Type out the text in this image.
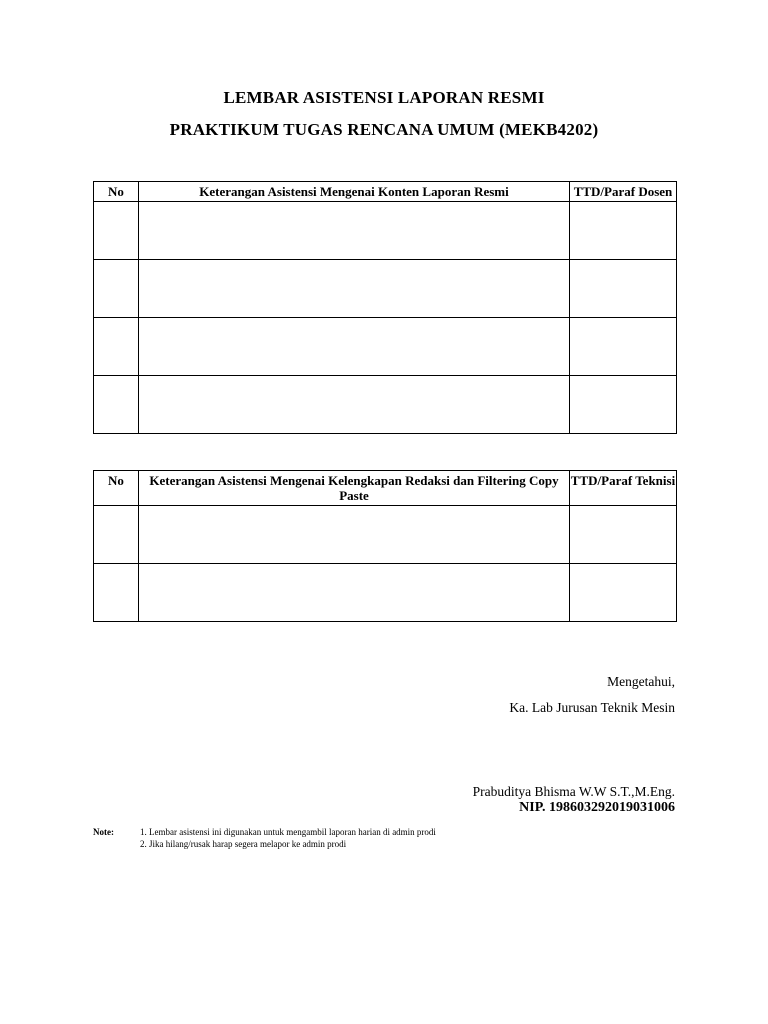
LEMBAR ASISTENSI LAPORAN RESMI
PRAKTIKUM TUGAS RENCANA UMUM (MEKB4202)
No	Keterangan Asistensi Mengenai Konten Laporan Resmi	TTD/Paraf Dosen

No	Keterangan Asistensi Mengenai Kelengkapan Redaksi dan Filtering Copy Paste	TTD/Paraf Teknisi

Mengetahui,
Ka. Lab Jurusan Teknik Mesin
Prabuditya Bhisma W.W S.T.,M.Eng.
NIP. 198603292019031006
Note:	1. Lembar asistensi ini digunakan untuk mengambil laporan harian di admin prodi
2. Jika hilang/rusak harap segera melapor ke admin prodi
